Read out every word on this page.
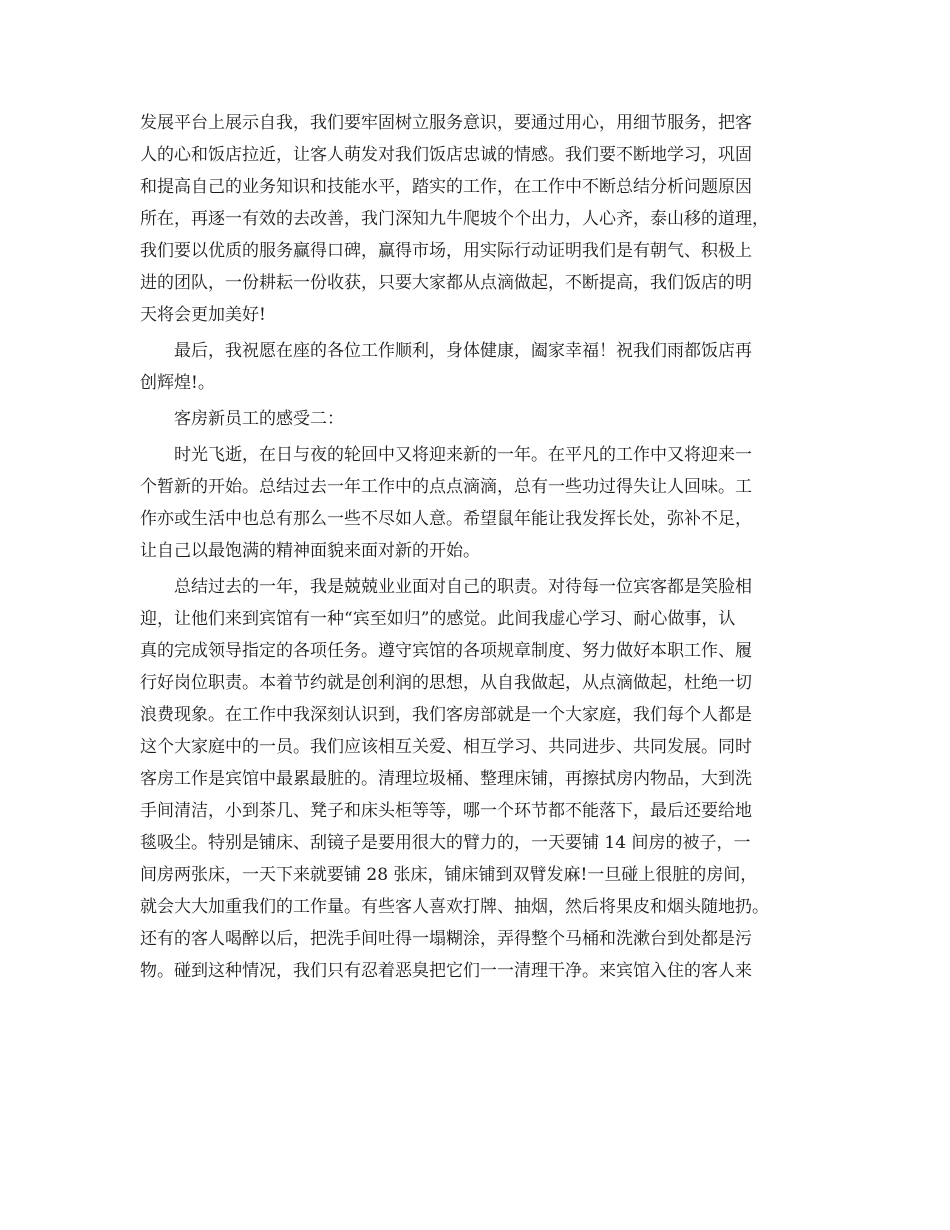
发展平台上展示自我，我们要牢固树立服务意识，要通过用心，用细节服务，把客
人的心和饭店拉近，让客人萌发对我们饭店忠诚的情感。我们要不断地学习，巩固
和提高自己的业务知识和技能水平，踏实的工作，在工作中不断总结分析问题原因
所在，再逐一有效的去改善，我门深知九牛爬坡个个出力，人心齐，泰山移的道理，
我们要以优质的服务赢得口碑，赢得市场，用实际行动证明我们是有朝气、积极上
进的团队，一份耕耘一份收获，只要大家都从点滴做起，不断提高，我们饭店的明
天将会更加美好!

最后，我祝愿在座的各位工作顺利，身体健康，阖家幸福！祝我们雨都饭店再
创辉煌!。

客房新员工的感受二：

时光飞逝，在日与夜的轮回中又将迎来新的一年。在平凡的工作中又将迎来一
个暂新的开始。总结过去一年工作中的点点滴滴，总有一些功过得失让人回味。工
作亦或生活中也总有那么一些不尽如人意。希望鼠年能让我发挥长处，弥补不足，
让自己以最饱满的精神面貌来面对新的开始。

总结过去的一年，我是兢兢业业面对自己的职责。对待每一位宾客都是笑脸相
迎，让他们来到宾馆有一种“宾至如归”的感觉。此间我虚心学习、耐心做事，认
真的完成领导指定的各项任务。遵守宾馆的各项规章制度、努力做好本职工作、履
行好岗位职责。本着节约就是创利润的思想，从自我做起，从点滴做起，杜绝一切
浪费现象。在工作中我深刻认识到，我们客房部就是一个大家庭，我们每个人都是
这个大家庭中的一员。我们应该相互关爱、相互学习、共同进步、共同发展。同时
客房工作是宾馆中最累最脏的。清理垃圾桶、整理床铺，再擦拭房内物品，大到洗
手间清洁，小到茶几、凳子和床头柜等等，哪一个环节都不能落下，最后还要给地
毯吸尘。特别是铺床、刮镜子是要用很大的臂力的，一天要铺 14 间房的被子，一
间房两张床，一天下来就要铺 28 张床，铺床铺到双臂发麻!一旦碰上很脏的房间，
就会大大加重我们的工作量。有些客人喜欢打牌、抽烟，然后将果皮和烟头随地扔。
还有的客人喝醉以后，把洗手间吐得一塌糊涂，弄得整个马桶和洗漱台到处都是污
物。碰到这种情况，我们只有忍着恶臭把它们一一清理干净。来宾馆入住的客人来
